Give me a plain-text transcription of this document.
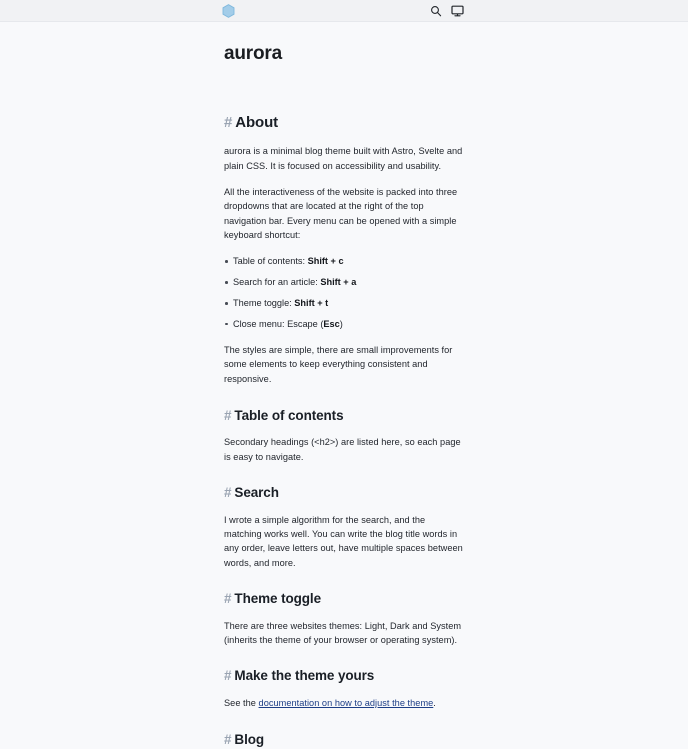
aurora
# About

aurora is a minimal blog theme built with Astro, Svelte and plain CSS. It is focused on accessibility and usability.

All the interactiveness of the website is packed into three dropdowns that are located at the right of the top navigation bar. Every menu can be opened with a simple keyboard shortcut:

Table of contents: Shift + c
Search for an article: Shift + a
Theme toggle: Shift + t
Close menu: Escape (Esc)

The styles are simple, there are small improvements for some elements to keep everything consistent and responsive.

# Table of contents

Secondary headings (<h2>) are listed here, so each page is easy to navigate.

# Search

I wrote a simple algorithm for the search, and the matching works well. You can write the blog title words in any order, leave letters out, have multiple spaces between words, and more.

# Theme toggle

There are three websites themes: Light, Dark and System (inherits the theme of your browser or operating system).

# Make the theme yours

See the documentation on how to adjust the theme.

# Blog
